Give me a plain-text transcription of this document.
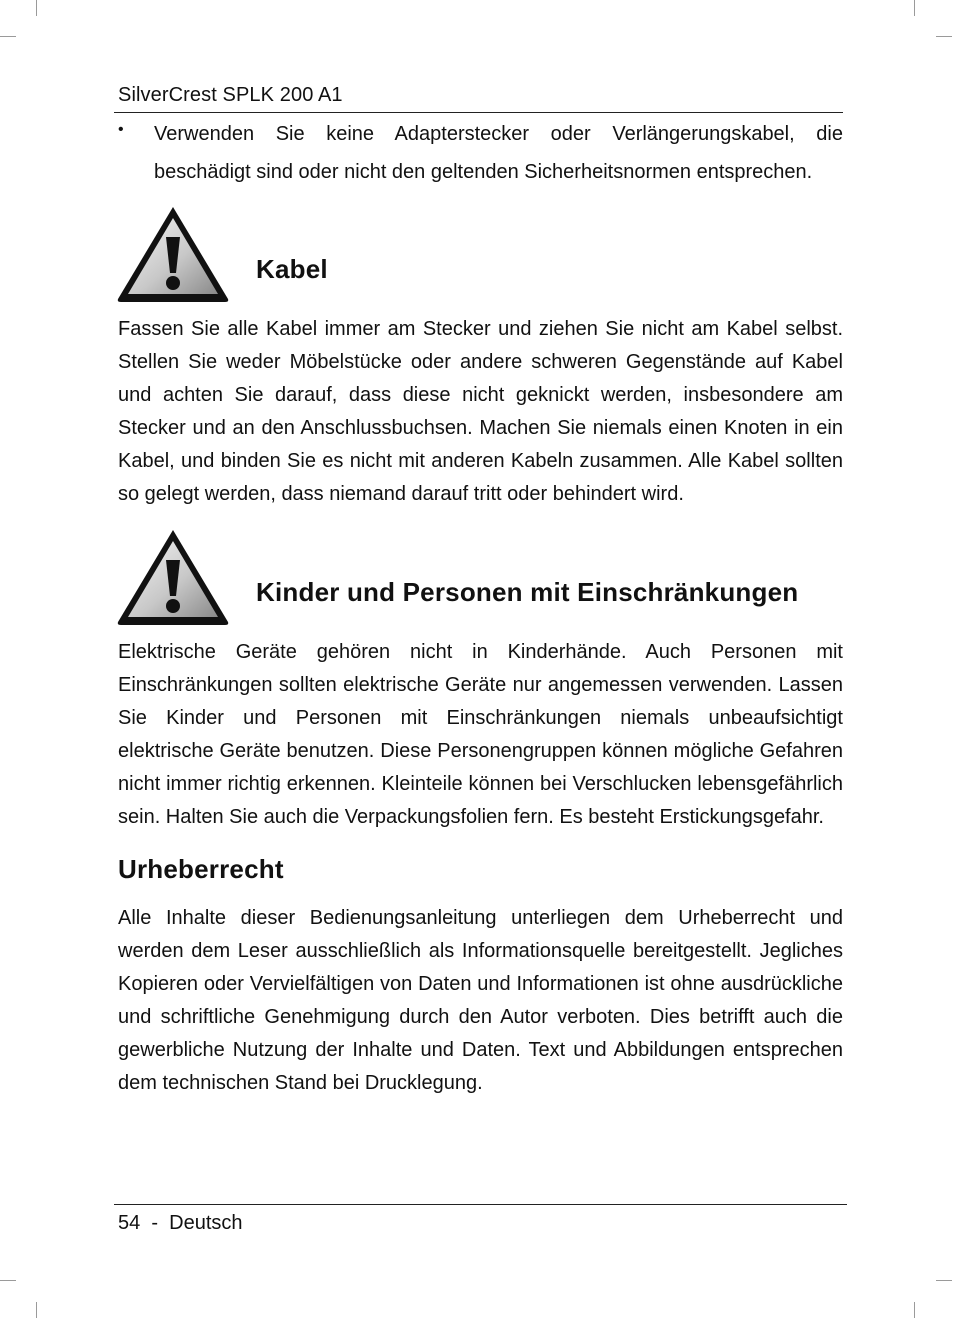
SilverCrest SPLK 200 A1
• Verwenden Sie keine Adapterstecker oder Verlängerungskabel, die beschädigt sind oder nicht den geltenden Sicherheitsnormen entsprechen.

Kabel

Fassen Sie alle Kabel immer am Stecker und ziehen Sie nicht am Kabel selbst. Stellen Sie weder Möbelstücke oder andere schweren Gegenstände auf Kabel und achten Sie darauf, dass diese nicht geknickt werden, insbesondere am Stecker und an den Anschlussbuchsen. Machen Sie niemals einen Knoten in ein Kabel, und binden Sie es nicht mit anderen Kabeln zusammen. Alle Kabel sollten so gelegt werden, dass niemand darauf tritt oder behindert wird.

Kinder und Personen mit Einschränkungen

Elektrische Geräte gehören nicht in Kinderhände. Auch Personen mit Einschränkungen sollten elektrische Geräte nur angemessen verwenden. Lassen Sie Kinder und Personen mit Einschränkungen niemals unbeaufsichtigt elektrische Geräte benutzen. Diese Personengruppen können mögliche Gefahren nicht immer richtig erkennen. Kleinteile können bei Verschlucken lebensgefährlich sein. Halten Sie auch die Verpackungsfolien fern. Es besteht Erstickungsgefahr.

Urheberrecht

Alle Inhalte dieser Bedienungsanleitung unterliegen dem Urheberrecht und werden dem Leser ausschließlich als Informationsquelle bereitgestellt. Jegliches Kopieren oder Vervielfältigen von Daten und Informationen ist ohne ausdrückliche und schriftliche Genehmigung durch den Autor verboten. Dies betrifft auch die gewerbliche Nutzung der Inhalte und Daten. Text und Abbildungen entsprechen dem technischen Stand bei Drucklegung.

54  -  Deutsch
